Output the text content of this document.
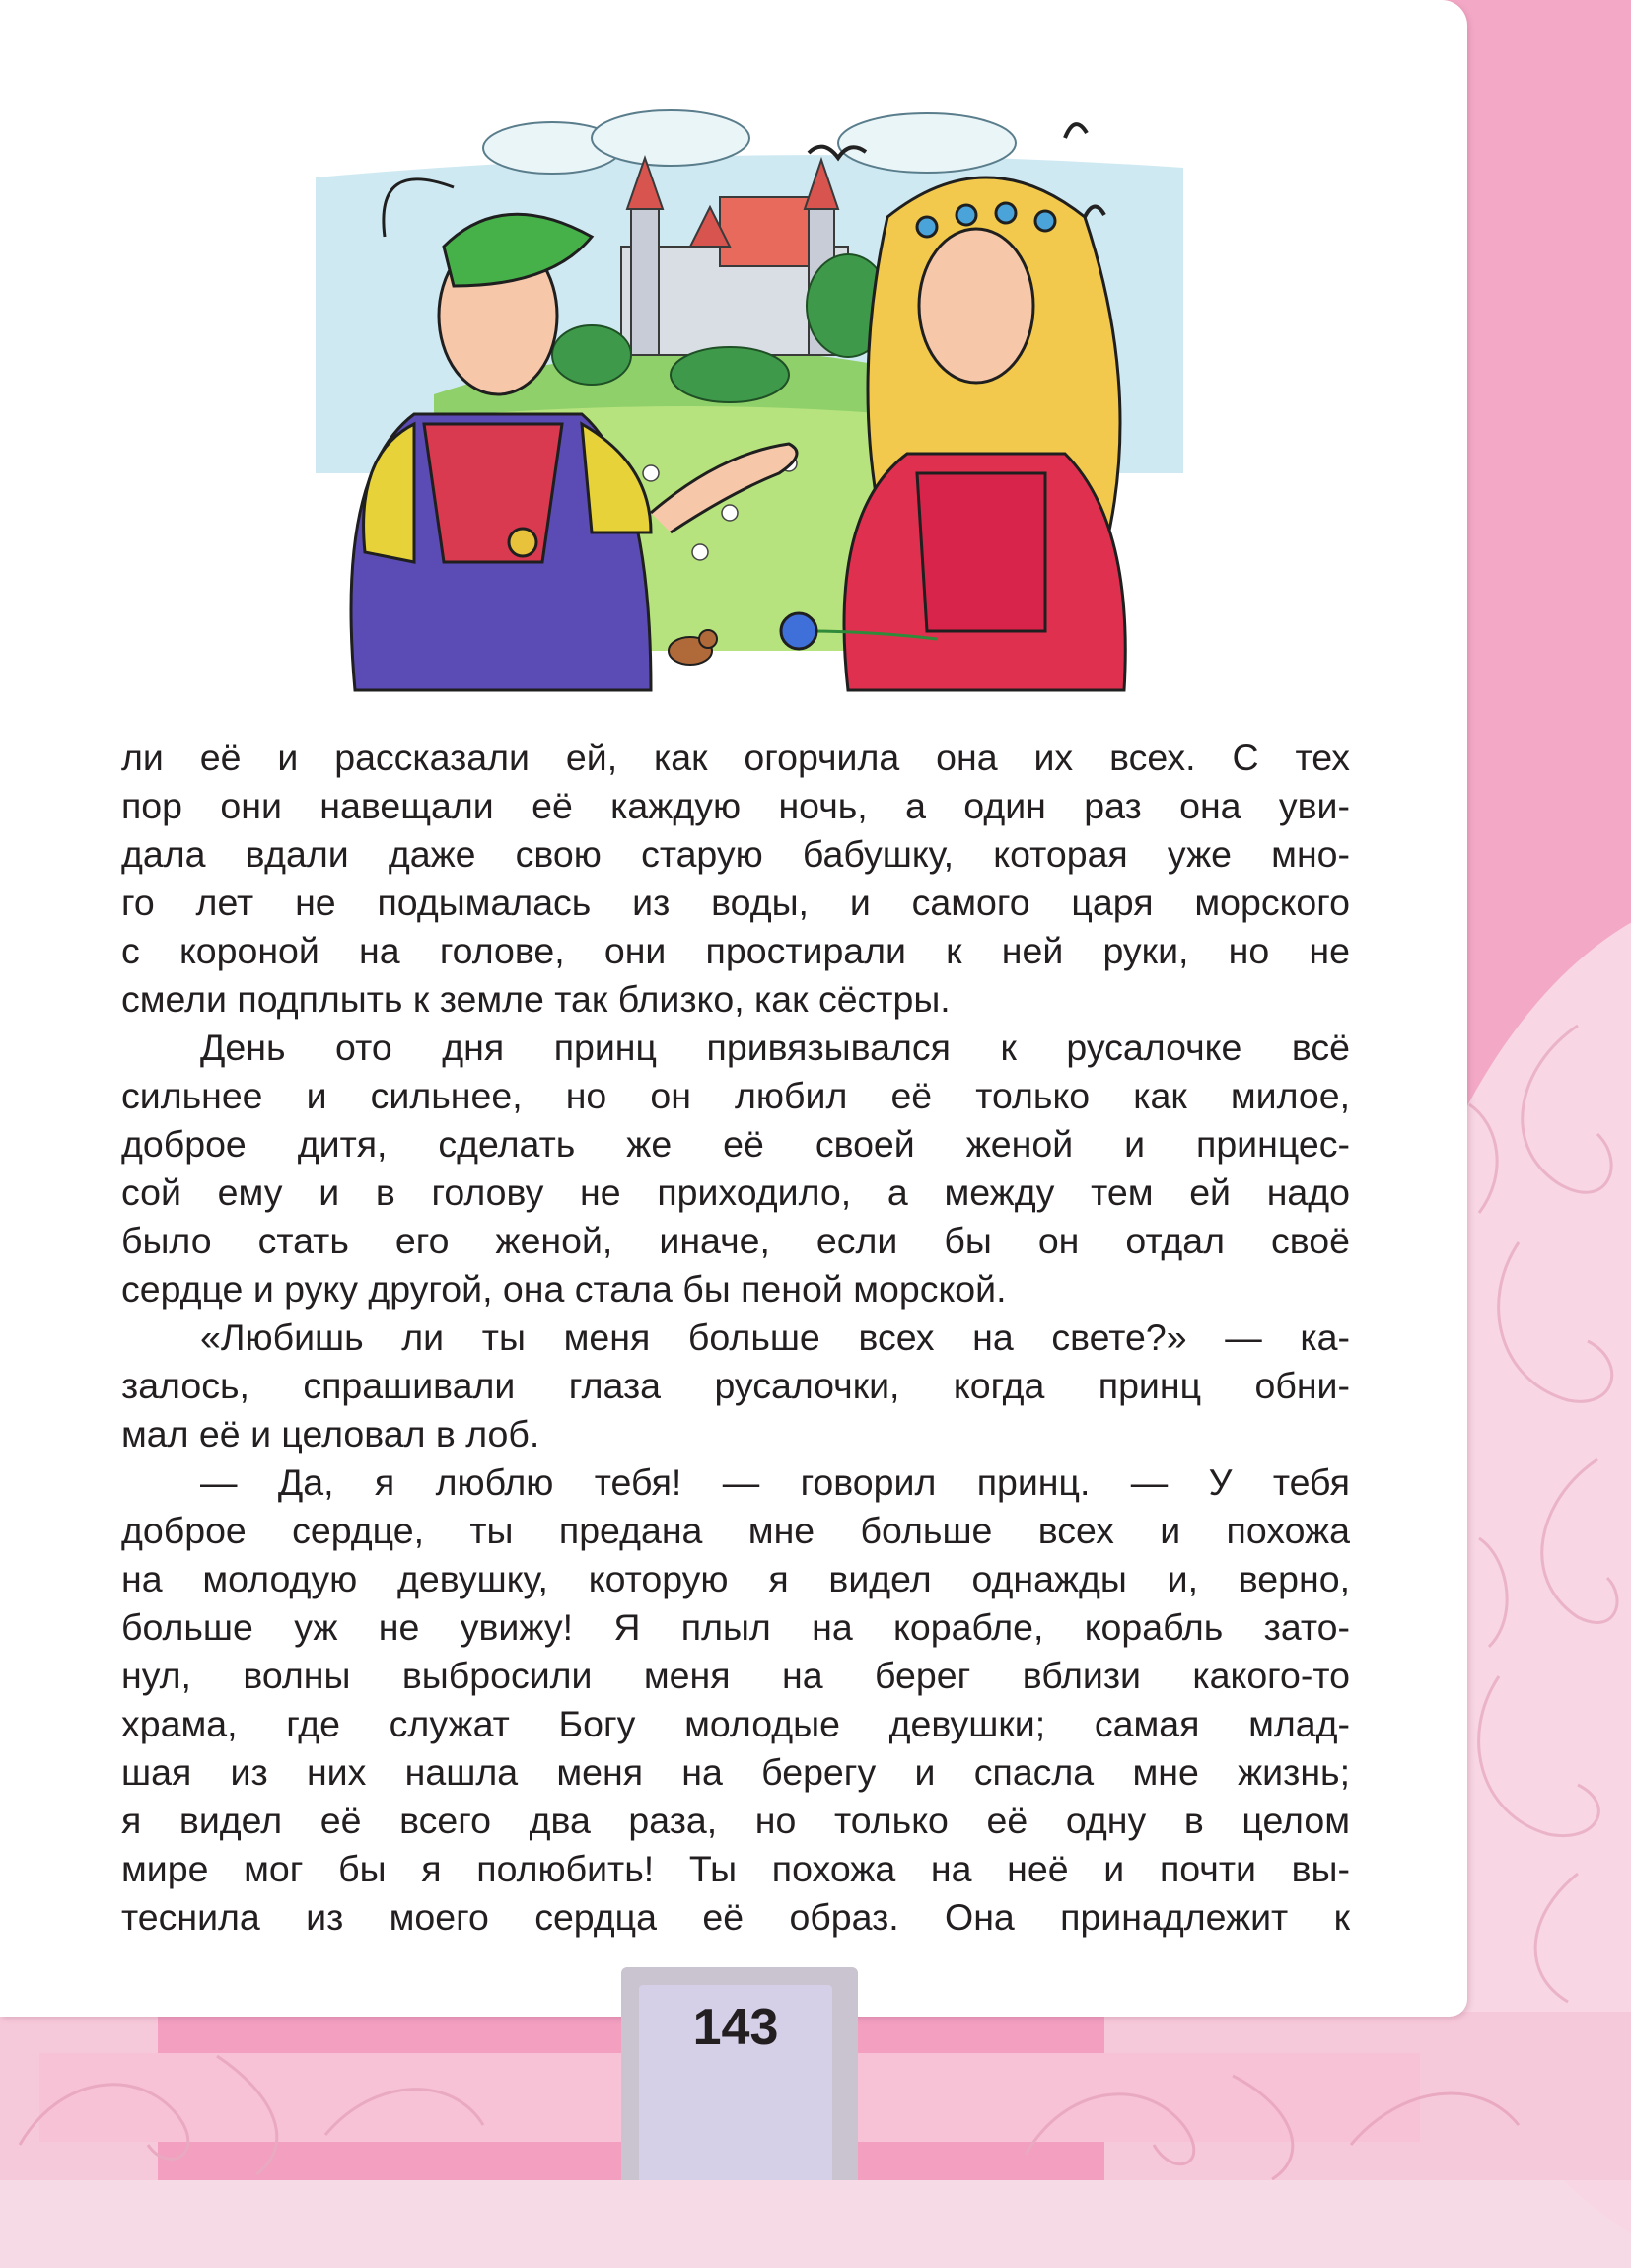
ли её и рассказали ей, как огорчила она их всех. С тех
пор они навещали её каждую ночь, а один раз она уви-
дала вдали даже свою старую бабушку, которая уже мно-
го лет не подымалась из воды, и самого царя морского
с короной на голове, они простирали к ней руки, но не
смели подплыть к земле так близко, как сёстры.
День ото дня принц привязывался к русалочке всё
сильнее и сильнее, но он любил её только как милое,
доброе дитя, сделать же её своей женой и принцес-
сой ему и в голову не приходило, а между тем ей надо
было стать его женой, иначе, если бы он отдал своё
сердце и руку другой, она стала бы пеной морской.
«Любишь ли ты меня больше всех на свете?» — ка-
залось, спрашивали глаза русалочки, когда принц обни-
мал её и целовал в лоб.
— Да, я люблю тебя! — говорил принц. — У тебя
доброе сердце, ты предана мне больше всех и похожа
на молодую девушку, которую я видел однажды и, верно,
больше уж не увижу! Я плыл на корабле, корабль зато-
нул, волны выбросили меня на берег вблизи какого-то
храма, где служат Богу молодые девушки; самая млад-
шая из них нашла меня на берегу и спасла мне жизнь;
я видел её всего два раза, но только её одну в целом
мире мог бы я полюбить! Ты похожа на неё и почти вы-
теснила из моего сердца её образ. Она принадлежит к
143
